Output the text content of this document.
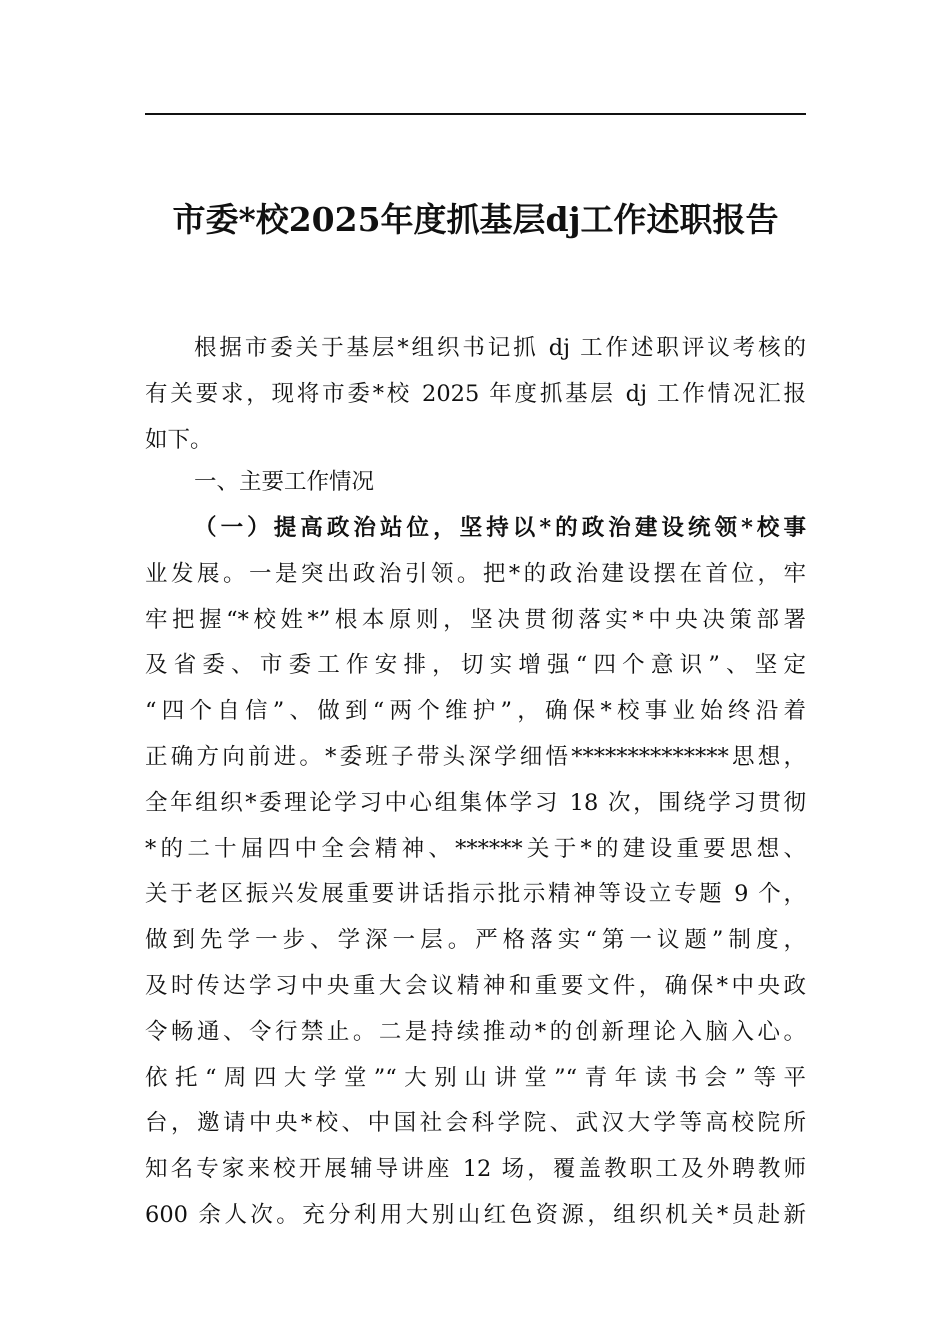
市委*校2025年度抓基层dj工作述职报告
根据市委关于基层*组织书记抓 dj 工作述职评议考核的
有关要求，现将市委*校 2025 年度抓基层 dj 工作情况汇报
如下。
一、主要工作情况
（一）提高政治站位，坚持以*的政治建设统领*校事
业发展。一是突出政治引领。把*的政治建设摆在首位，牢
牢把握“*校姓*”根本原则，坚决贯彻落实*中央决策部署
及省委、市委工作安排，切实增强“四个意识”、坚定
“四个自信”、做到“两个维护”，确保*校事业始终沿着
正确方向前进。*委班子带头深学细悟**************思想，
全年组织*委理论学习中心组集体学习 18 次，围绕学习贯彻
*的二十届四中全会精神、******关于*的建设重要思想、
关于老区振兴发展重要讲话指示批示精神等设立专题 9 个，
做到先学一步、学深一层。严格落实“第一议题”制度，
及时传达学习中央重大会议精神和重要文件，确保*中央政
令畅通、令行禁止。二是持续推动*的创新理论入脑入心。
依托“周四大学堂”“大别山讲堂”“青年读书会”等平
台，邀请中央*校、中国社会科学院、武汉大学等高校院所
知名专家来校开展辅导讲座 12 场，覆盖教职工及外聘教师
600 余人次。充分利用大别山红色资源，组织机关*员赴新
